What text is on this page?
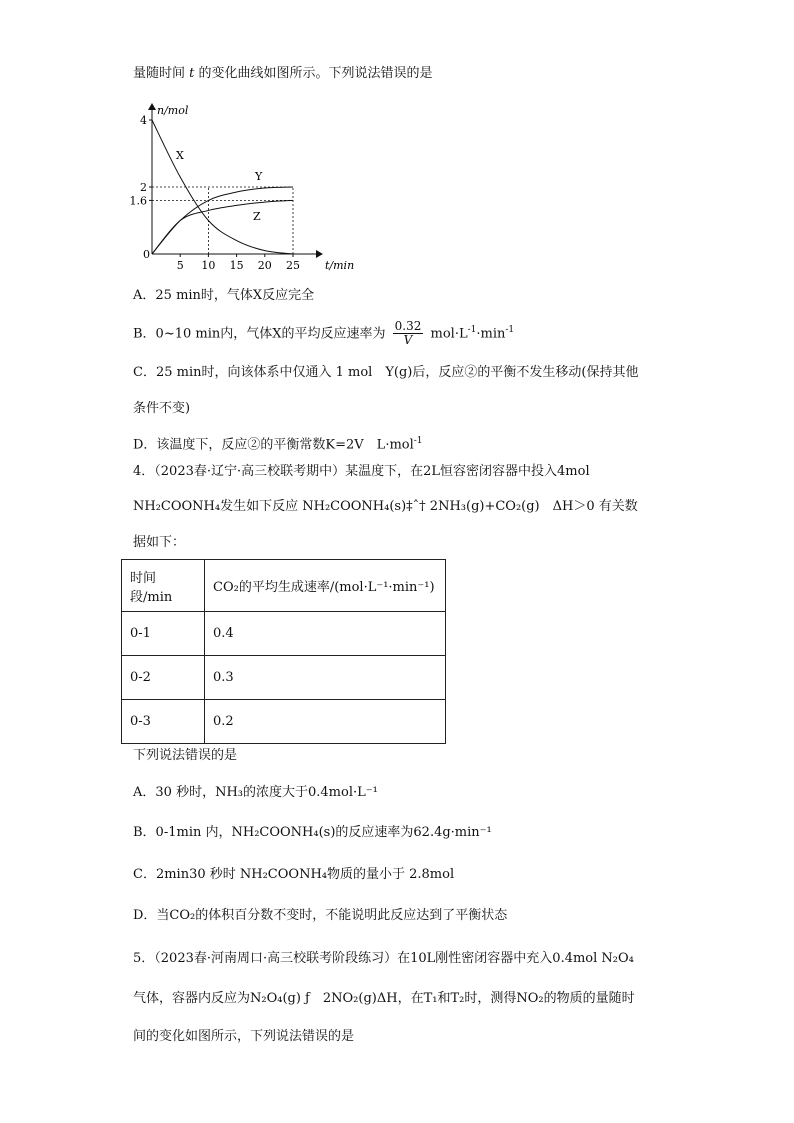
量随时间 t 的变化曲线如图所示。下列说法错误的是
4
2
1.6
5 10 15 20 25
X
Y
Z
n/mol
t/min
0
A．25 min时，气体X反应完全
B．0~10 min内，气体X的平均反应速率为 $\frac{0.32}{V} mol\cdot L^{-1}\cdot\min^{-1}$
C．25 min时，向该体系中仅通入 1 mol　Y(g)后，反应②的平衡不发生移动(保持其他
条件不变)
D．该温度下，反应②的平衡常数K=2V　L·mol$^{-1}$
4．（2023春·辽宁·高三校联考期中）某温度下，在2L恒容密闭容器中投入4mol
NH₂COONH₄发生如下反应 NH₂COONH₄(s)‡ˆ† 2NH₃(g)+CO₂(g)　ΔH＞0 有关数
据如下：
时间段/min	CO₂的平均生成速率/(mol·L⁻¹·min⁻¹)
0-1	0.4
0-2	0.3
0-3	0.2
下列说法错误的是
A．30 秒时，NH₃的浓度大于0.4mol·L⁻¹
B．0-1min 内，NH₂COONH₄(s)的反应速率为62.4g·min⁻¹
C．2min30 秒时 NH₂COONH₄物质的量小于 2.8mol
D．当CO₂的体积百分数不变时，不能说明此反应达到了平衡状态
5．（2023春·河南周口·高三校联考阶段练习）在10L刚性密闭容器中充入0.4mol N₂O₄
气体，容器内反应为N₂O₄(g) ƒ　2NO₂(g)ΔH，在T₁和T₂时，测得NO₂的物质的量随时
间的变化如图所示，下列说法错误的是
